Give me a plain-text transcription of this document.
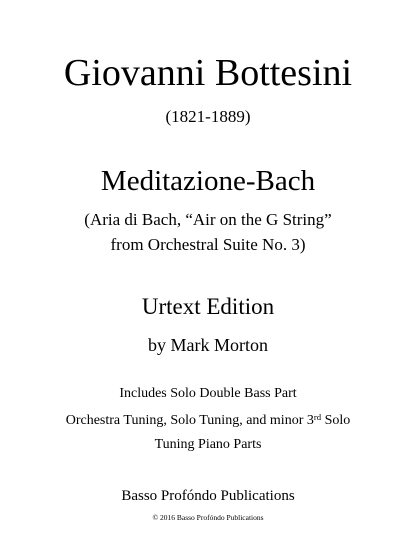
Giovanni Bottesini
(1821-1889)
Meditazione-Bach
(Aria di Bach, “Air on the G String”
from Orchestral Suite No. 3)
Urtext Edition
by Mark Morton
Includes Solo Double Bass Part
Orchestra Tuning, Solo Tuning, and minor 3rd Solo
Tuning Piano Parts
Basso Profóndo Publications
© 2016 Basso Profóndo Publications
